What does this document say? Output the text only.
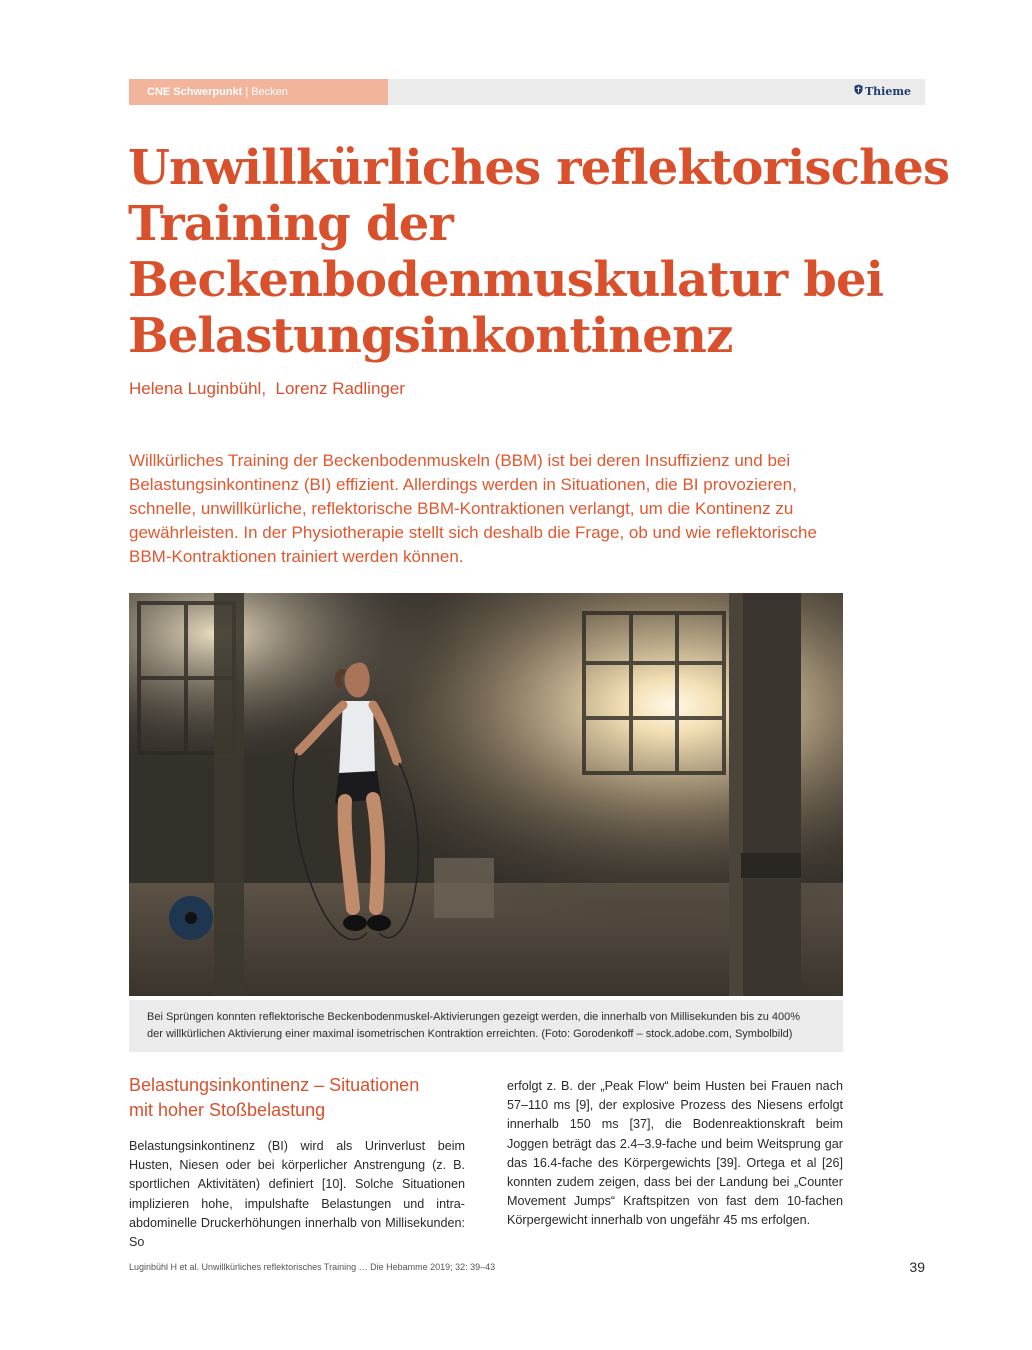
CNE Schwerpunkt | Becken	Thieme
Unwillkürliches reflektorisches
Training der
Beckenbodenmuskulatur bei
Belastungsinkontinenz
Helena Luginbühl,  Lorenz Radlinger

Willkürliches Training der Beckenbodenmuskeln (BBM) ist bei deren Insuffizienz und bei Belastungsinkontinenz (BI) effizient. Allerdings werden in Situationen, die BI provozieren, schnelle, unwillkürliche, reflektorische BBM-Kontraktionen verlangt, um die Kontinenz zu gewährleisten. In der Physiotherapie stellt sich deshalb die Frage, ob und wie reflektorische BBM-Kontraktionen trainiert werden können.

Bei Sprüngen konnten reflektorische Beckenbodenmuskel-Aktivierungen gezeigt werden, die innerhalb von Millisekunden bis zu 400%
der willkürlichen Aktivierung einer maximal isometrischen Kontraktion erreichten. (Foto: Gorodenkoff – stock.adobe.com, Symbolbild)
Belastungsinkontinenz – Situationen
mit hoher Stoßbelastung

Belastungsinkontinenz (BI) wird als Urinverlust beim Husten, Niesen oder bei körperlicher Anstrengung (z. B. sportlichen Aktivitäten) definiert [10]. Solche Situationen implizieren hohe, impulshafte Belastungen und intra-abdominelle Druckerhöhungen innerhalb von Millisekunden: So

erfolgt z. B. der „Peak Flow“ beim Husten bei Frauen nach 57–110 ms [9], der explosive Prozess des Niesens erfolgt innerhalb 150 ms [37], die Bodenreaktionskraft beim Joggen beträgt das 2.4–3.9-fache und beim Weitsprung gar das 16.4-fache des Körpergewichts [39]. Ortega et al [26] konnten zudem zeigen, dass bei der Landung bei „Counter Movement Jumps“ Kraftspitzen von fast dem 10-fachen Körpergewicht innerhalb von ungefähr 45 ms erfolgen.

Luginbühl H et al. Unwillkürliches reflektorisches Training … Die Hebamme 2019; 32: 39–43	39
